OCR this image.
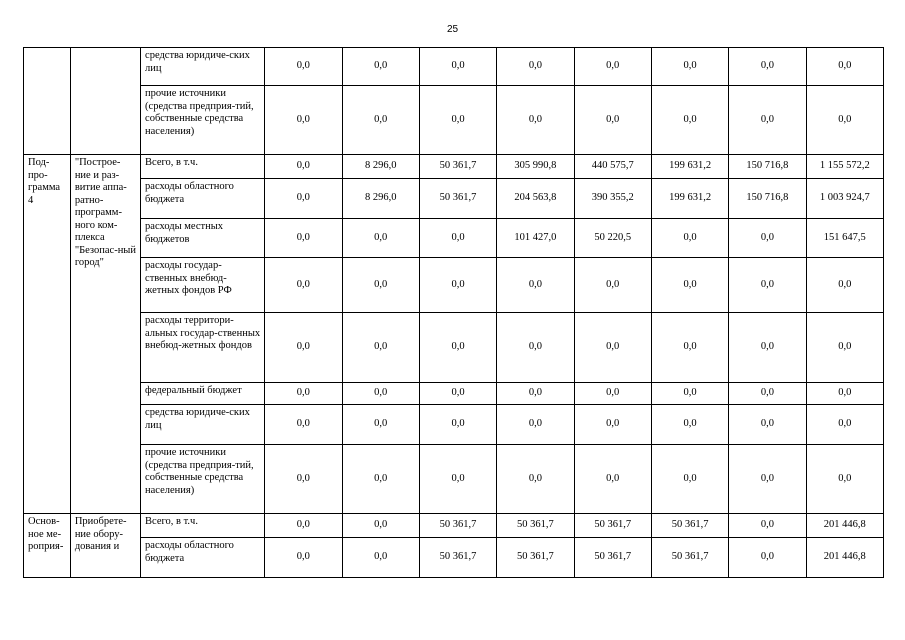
25
		средства юридиче-ских лиц	0,0	0,0	0,0	0,0	0,0	0,0	0,0	0,0
		прочие источники (средства предприя-тий, собственные средства населения)	0,0	0,0	0,0	0,0	0,0	0,0	0,0	0,0
Под-про-грамма 4	"Построе-ние и раз-витие аппа-ратно-программ-ного ком-плекса "Безопас-ный город"	Всего, в т.ч.	0,0	8 296,0	50 361,7	305 990,8	440 575,7	199 631,2	150 716,8	1 155 572,2
		расходы областного бюджета	0,0	8 296,0	50 361,7	204 563,8	390 355,2	199 631,2	150 716,8	1 003 924,7
		расходы местных бюджетов	0,0	0,0	0,0	101 427,0	50 220,5	0,0	0,0	151 647,5
		расходы государ-ственных внебюд-жетных фондов РФ	0,0	0,0	0,0	0,0	0,0	0,0	0,0	0,0
		расходы территори-альных государ-ственных внебюд-жетных фондов	0,0	0,0	0,0	0,0	0,0	0,0	0,0	0,0
		федеральный бюджет	0,0	0,0	0,0	0,0	0,0	0,0	0,0	0,0
		средства юридиче-ских лиц	0,0	0,0	0,0	0,0	0,0	0,0	0,0	0,0
		прочие источники (средства предприя-тий, собственные средства населения)	0,0	0,0	0,0	0,0	0,0	0,0	0,0	0,0
Основ-ное ме-роприя-	Приобрете-ние обору-дования и	Всего, в т.ч.	0,0	0,0	50 361,7	50 361,7	50 361,7	50 361,7	0,0	201 446,8
		расходы областного бюджета	0,0	0,0	50 361,7	50 361,7	50 361,7	50 361,7	0,0	201 446,8
